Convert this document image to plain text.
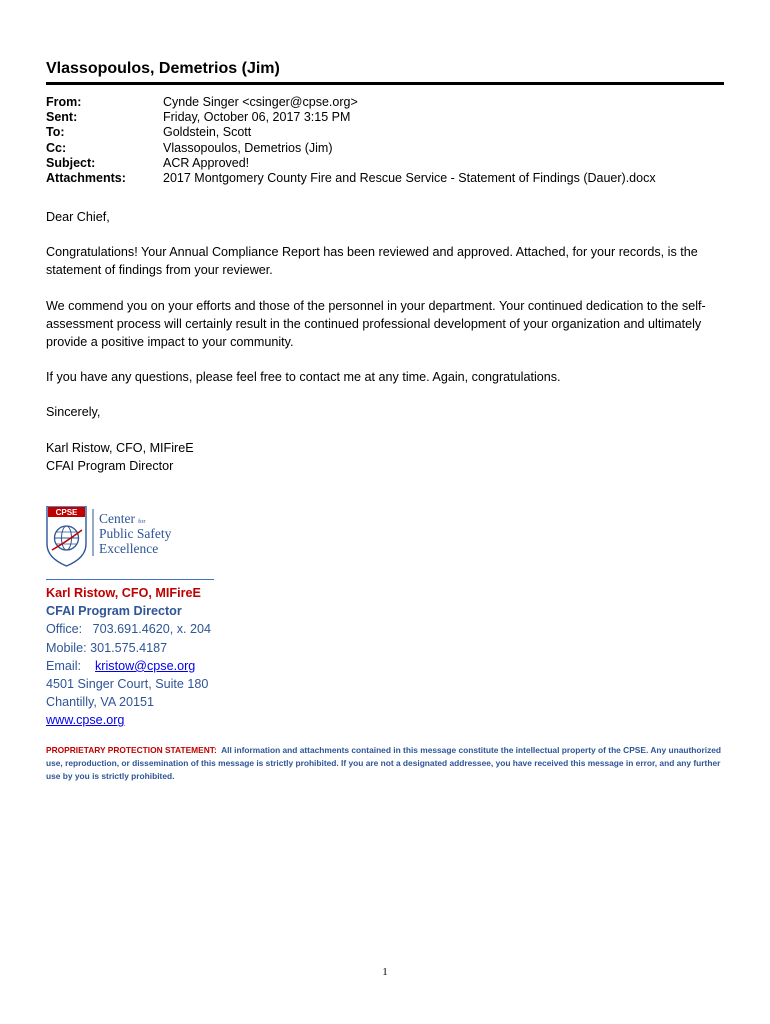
Vlassopoulos, Demetrios (Jim)
From:	Cynde Singer <csinger@cpse.org>
Sent:	Friday, October 06, 2017 3:15 PM
To:	Goldstein, Scott
Cc:	Vlassopoulos, Demetrios (Jim)
Subject:	ACR Approved!
Attachments:	2017 Montgomery County Fire and Rescue Service - Statement of Findings (Dauer).docx

Dear Chief,

Congratulations! Your Annual Compliance Report has been reviewed and approved. Attached, for your records, is the statement of findings from your reviewer.

We commend you on your efforts and those of the personnel in your department. Your continued dedication to the self-assessment process will certainly result in the continued professional development of your organization and ultimately provide a positive impact to your community.

If you have any questions, please feel free to contact me at any time. Again, congratulations.

Sincerely,

Karl Ristow, CFO, MIFireE

CFAI Program Director

CPSE Center for
Public Safety
Excellence
Karl Ristow, CFO, MIFireE
CFAI Program Director
Office: 703.691.4620, x. 204
Mobile: 301.575.4187
Email: kristow@cpse.org
4501 Singer Court, Suite 180
Chantilly, VA 20151
www.cpse.org
PROPRIETARY PROTECTION STATEMENT: All information and attachments contained in this message constitute the intellectual property of the CPSE. Any unauthorized use, reproduction, or dissemination of this message is strictly prohibited. If you are not a designated addressee, you have received this message in error, and any further use by you is strictly prohibited.
1
